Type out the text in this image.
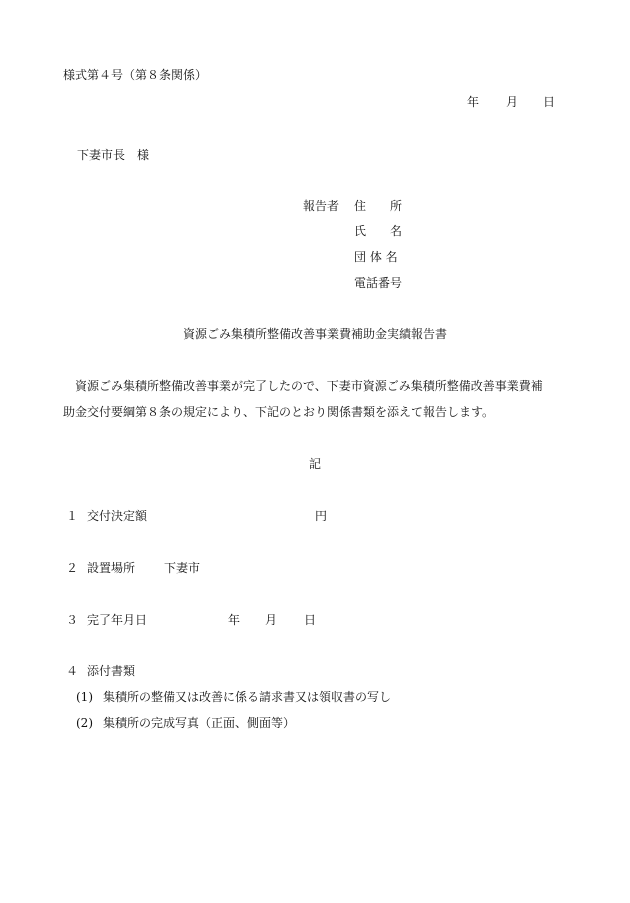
様式第４号（第８条関係）
年 月 日
下妻市長　様
報告者 住　　所
氏　　名
団 体 名
電話番号
資源ごみ集積所整備改善事業費補助金実績報告書
資源ごみ集積所整備改善事業が完了したので、下妻市資源ごみ集積所整備改善事業費補
助金交付要綱第８条の規定により、下記のとおり関係書類を添えて報告します。
記
１ 交付決定額	円
２ 設置場所 下妻市
３ 完了年月日	年 月 日
４ 添付書類
(1) 集積所の整備又は改善に係る請求書又は領収書の写し
(2) 集積所の完成写真（正面、側面等）
